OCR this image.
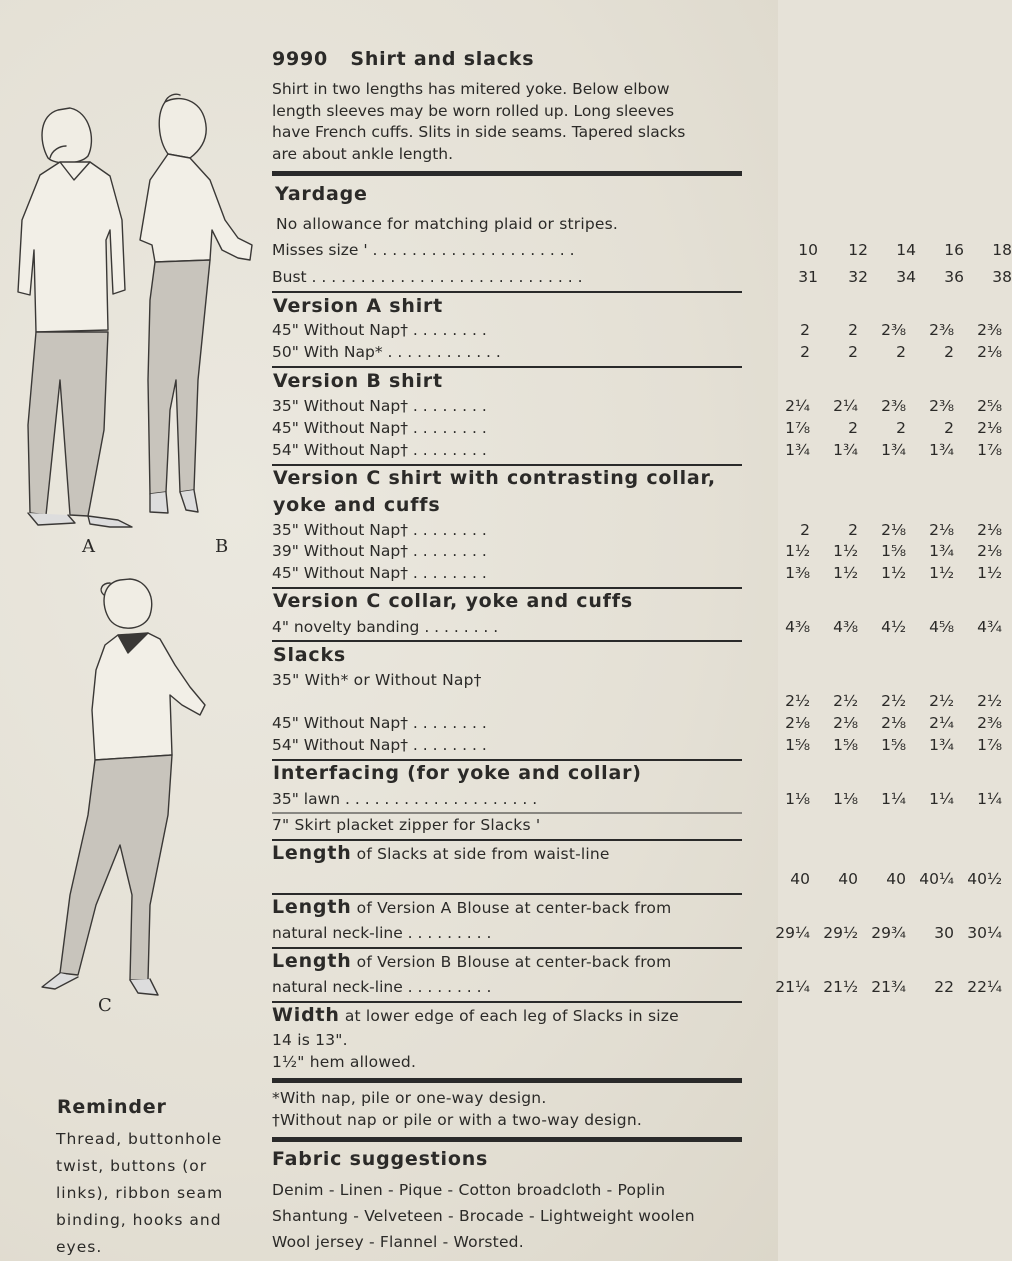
A	B
C
9990 Shirt and slacks
Shirt in two lengths has mitered yoke. Below elbow
length sleeves may be worn rolled up. Long sleeves
have French cuffs. Slits in side seams. Tapered slacks
are about ankle length.
Yardage
No allowance for matching plaid or stripes.
Misses size ' . . . . . . . . . . . . . . . . . . . . .	10	12	14	16	18
Bust . . . . . . . . . . . . . . . . . . . . . . . . . . . .	31	32	34	36	38
Version A shirt
45" Without Nap† . . . . . . . .	2	2	2⅜	2⅜	2⅜
50" With Nap* . . . . . . . . . . . .	2	2	2	2	2⅛
Version B shirt
35" Without Nap† . . . . . . . .	2¼	2¼	2⅜	2⅜	2⅝
45" Without Nap† . . . . . . . .	1⅞	2	2	2	2⅛
54" Without Nap† . . . . . . . .	1¾	1¾	1¾	1¾	1⅞
Version C shirt with contrasting collar,
yoke and cuffs
35" Without Nap† . . . . . . . .	2	2	2⅛	2⅛	2⅛
39" Without Nap† . . . . . . . .	1½	1½	1⅝	1¾	2⅛
45" Without Nap† . . . . . . . .	1⅜	1½	1½	1½	1½
Version C collar, yoke and cuffs
4" novelty banding . . . . . . . .	4⅜	4⅜	4½	4⅝	4¾
Slacks
35" With* or Without Nap†
2½	2½	2½	2½	2½
45" Without Nap† . . . . . . . .	2⅛	2⅛	2⅛	2¼	2⅜
54" Without Nap† . . . . . . . .	1⅝	1⅝	1⅝	1¾	1⅞
Interfacing (for yoke and collar)
35" lawn . . . . . . . . . . . . . . . . . . . .	1⅛	1⅛	1¼	1¼	1¼
7" Skirt placket zipper for Slacks '
Length of Slacks at side from waist-line
40	40	40 40¼ 40½
Length of Version A Blouse at center-back from
natural neck-line . . . . . . . . .	29¼ 29½ 29¾	30 30¼
Length of Version B Blouse at center-back from
natural neck-line . . . . . . . . .	21¼ 21½ 21¾	22 22¼
Width at lower edge of each leg of Slacks in size
14 is 13".
1½" hem allowed.
*With nap, pile or one-way design.
†Without nap or pile or with a two-way design.
Fabric suggestions
Denim - Linen - Pique - Cotton broadcloth - Poplin
Shantung - Velveteen - Brocade - Lightweight woolen
Wool jersey - Flannel - Worsted.
Reminder
Thread, buttonhole
twist, buttons (or
links), ribbon seam
binding, hooks and
eyes.
